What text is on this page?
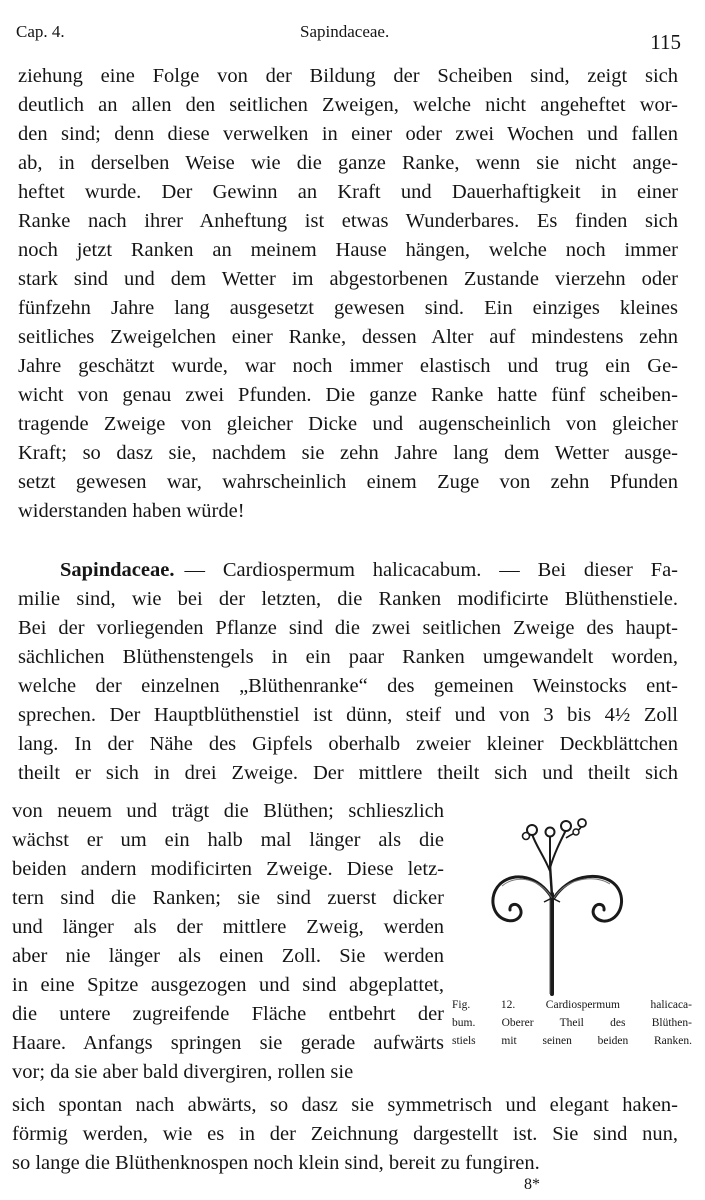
Cap. 4.	Sapindaceae.	115
ziehung eine Folge von der Bildung der Scheiben sind, zeigt sich
deutlich an allen den seitlichen Zweigen, welche nicht angeheftet wor-
den sind; denn diese verwelken in einer oder zwei Wochen und fallen
ab, in derselben Weise wie die ganze Ranke, wenn sie nicht ange-
heftet wurde. Der Gewinn an Kraft und Dauerhaftigkeit in einer
Ranke nach ihrer Anheftung ist etwas Wunderbares. Es finden sich
noch jetzt Ranken an meinem Hause hängen, welche noch immer
stark sind und dem Wetter im abgestorbenen Zustande vierzehn oder
fünfzehn Jahre lang ausgesetzt gewesen sind. Ein einziges kleines
seitliches Zweigelchen einer Ranke, dessen Alter auf mindestens zehn
Jahre geschätzt wurde, war noch immer elastisch und trug ein Ge-
wicht von genau zwei Pfunden. Die ganze Ranke hatte fünf scheiben-
tragende Zweige von gleicher Dicke und augenscheinlich von gleicher
Kraft; so dasz sie, nachdem sie zehn Jahre lang dem Wetter ausge-
setzt gewesen war, wahrscheinlich einem Zuge von zehn Pfunden
widerstanden haben würde!
Sapindaceae. — Cardiospermum halicacabum. — Bei dieser Fa-
milie sind, wie bei der letzten, die Ranken modificirte Blüthenstiele.
Bei der vorliegenden Pflanze sind die zwei seitlichen Zweige des haupt-
sächlichen Blüthenstengels in ein paar Ranken umgewandelt worden,
welche der einzelnen „Blüthenranke“ des gemeinen Weinstocks ent-
sprechen. Der Hauptblüthenstiel ist dünn, steif und von 3 bis 4½ Zoll
lang. In der Nähe des Gipfels oberhalb zweier kleiner Deckblättchen
theilt er sich in drei Zweige. Der mittlere theilt sich und theilt sich
von neuem und trägt die Blüthen; schlieszlich
wächst er um ein halb mal länger als die
beiden andern modificirten Zweige. Diese letz-
tern sind die Ranken; sie sind zuerst dicker
und länger als der mittlere Zweig, werden
aber nie länger als einen Zoll. Sie werden
in eine Spitze ausgezogen und sind abgeplattet,
die untere zugreifende Fläche entbehrt der
Haare. Anfangs springen sie gerade aufwärts
vor; da sie aber bald divergiren, rollen sie
sich spontan nach abwärts, so dasz sie symmetrisch und elegant haken-
förmig werden, wie es in der Zeichnung dargestellt ist. Sie sind nun,
so lange die Blüthenknospen noch klein sind, bereit zu fungiren.
Fig. 12. Cardiospermum halicaca-
bum. Oberer Theil des Blüthen-
stiels mit seinen beiden Ranken.
8*
